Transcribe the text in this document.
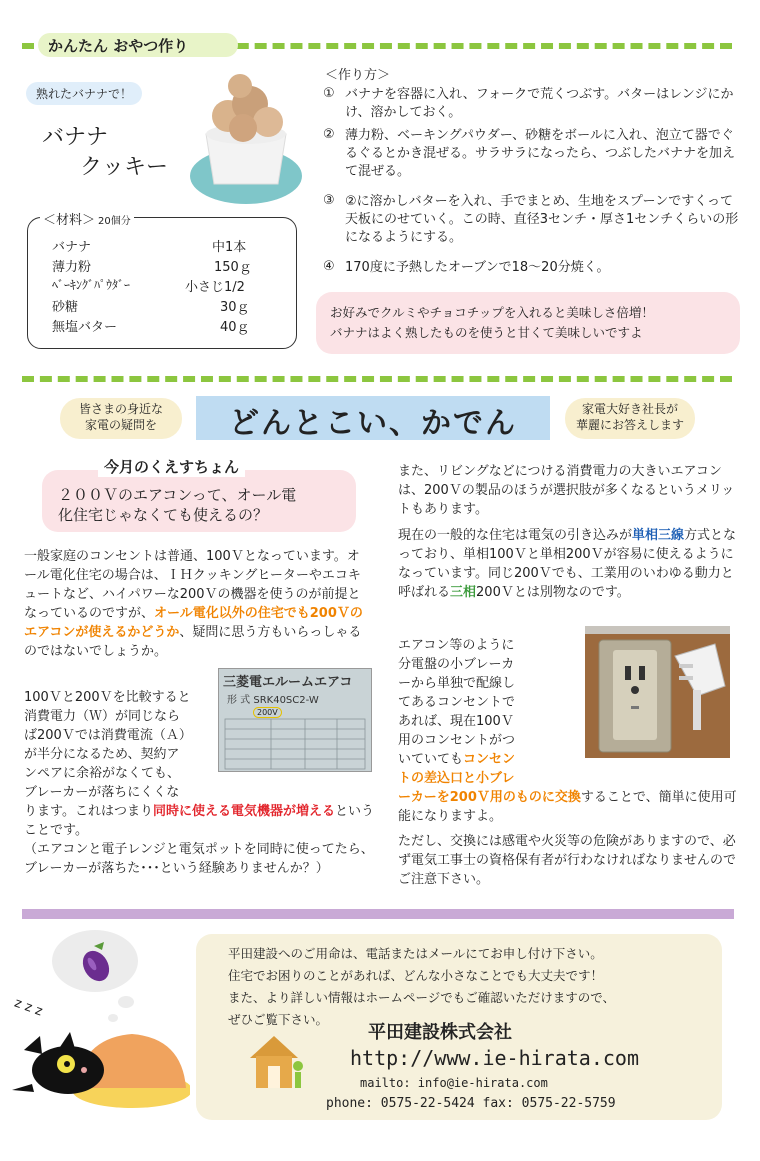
かんたん おやつ作り
熟れたバナナで！
バナナ
クッキー
＜材料＞ 20個分
バナナ	中1本
薄力粉	150ｇ
ﾍﾞｰｷﾝｸﾞﾊﾟｳﾀﾞｰ	小さじ1/2
砂糖	30ｇ
無塩バター	40ｇ
＜作り方＞
① バナナを容器に入れ、フォークで荒くつぶす。バターはレンジにかけ、溶かしておく。
② 薄力粉、ベーキングパウダー、砂糖をボールに入れ、泡立て器でぐるぐるとかき混ぜる。サラサラになったら、つぶしたバナナを加えて混ぜる。
③ ②に溶かしバターを入れ、手でまとめ、生地をスプーンですくって天板にのせていく。この時、直径3センチ・厚さ1センチくらいの形になるようにする。
④ 170度に予熱したオーブンで18～20分焼く。
お好みでクルミやチョコチップを入れると美味しさ倍増！
バナナはよく熟したものを使うと甘くて美味しいですよ
皆さまの身近な
家電の疑問を	どんとこい、かでん	家電大好き社長が
華麗にお答えします
今月のくえすちょん
２００Ｖのエアコンって、オール電
化住宅じゃなくても使えるの？
一般家庭のコンセントは普通、100Ｖとなっています。オール電化住宅の場合は、ＩＨクッキングヒーターやエコキュートなど、ハイパワーな200Ｖの機器を使うのが前提となっているのですが、オール電化以外の住宅でも200Ｖのエアコンが使えるかどうか、疑問に思う方もいらっしゃるのではないでしょうか。
100Ｖと200Ｖを比較すると
消費電力（Ｗ）が同じなら
ば200Ｖでは消費電流（Ａ）
が半分になるため、契約ア
ンペアに余裕がなくても、
ブレーカーが落ちにくくな
ります。これはつまり同時に使える電気機器が増えるということです。
（エアコンと電子レンジと電気ポットを同時に使ってたら、ブレーカーが落ちた･･･という経験ありませんか？）
三菱電エルームエアコ
形 式 SRK40SC2-W
200V
また、リビングなどにつける消費電力の大きいエアコンは、200Ｖの製品のほうが選択肢が多くなるというメリットもあります。
現在の一般的な住宅は電気の引き込みが単相三線方式となっており、単相100Ｖと単相200Ｖが容易に使えるようになっています。同じ200Ｖでも、工業用のいわゆる動力と呼ばれる三相200Ｖとは別物なのです。
エアコン等のように
分電盤の小ブレーカ
ーから単独で配線し
てあるコンセントで
あれば、現在100Ｖ
用のコンセントがつ
いていてもコンセン
トの差込口と小ブレ
ーカーを200Ｖ用のものに交換することで、簡単に使用可能になりますよ。
ただし、交換には感電や火災等の危険がありますので、必ず電気工事士の資格保有者が行わなければなりませんのでご注意下さい。
z z z
平田建設へのご用命は、電話またはメールにてお申し付け下さい。
住宅でお困りのことがあれば、どんな小さなことでも大丈夫です！
また、より詳しい情報はホームページでもご確認いただけますので、
ぜひご覧下さい。
平田建設株式会社
http://www.ie-hirata.com
mailto: info@ie-hirata.com
phone: 0575-22-5424 fax: 0575-22-5759
